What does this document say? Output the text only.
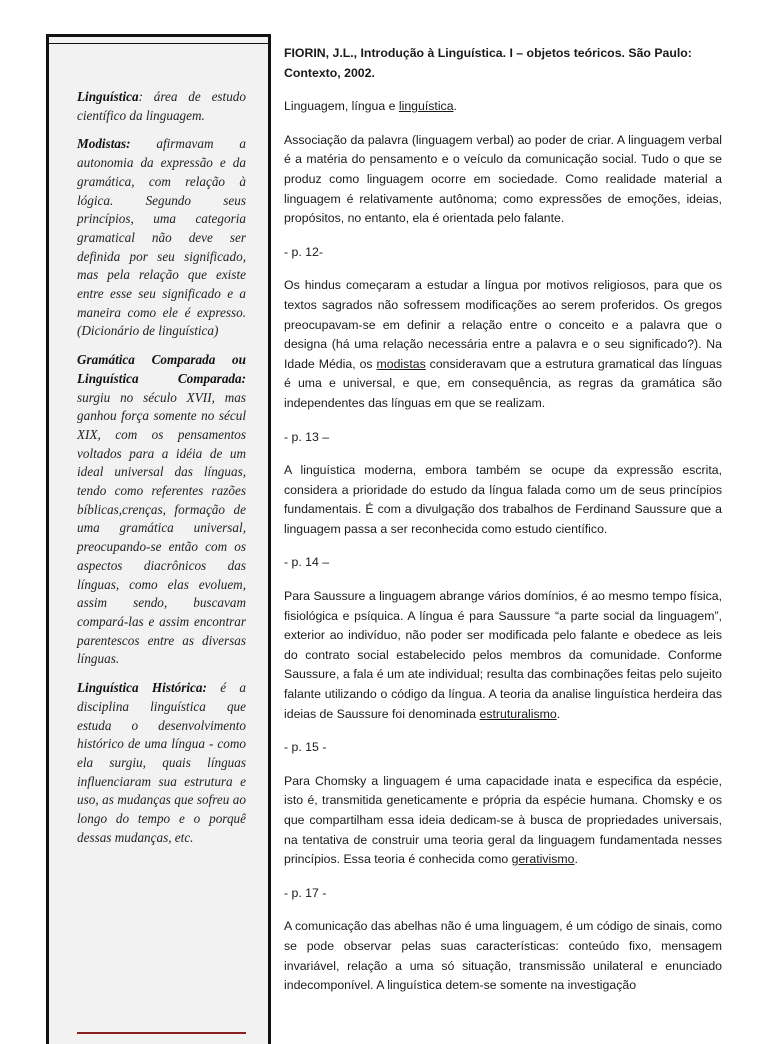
Linguística: área de estudo científico da linguagem.

Modistas: afirmavam a autonomia da expressão e da gramática, com relação à lógica. Segundo seus princípios, uma categoria gramatical não deve ser definida por seu significado, mas pela relação que existe entre esse seu significado e a maneira como ele é expresso. (Dicionário de linguística)

Gramática Comparada ou Linguística Comparada: surgiu no século XVII, mas ganhou força somente no sécul XIX, com os pensamentos voltados para a idéia de um ideal universal das línguas, tendo como referentes razões bíblicas,crenças, formação de uma gramática universal, preocupando-se então com os aspectos diacrônicos das línguas, como elas evoluem, assim sendo, buscavam compará-las e assim encontrar parentescos entre as diversas línguas.

Linguística Histórica: é a disciplina linguística que estuda o desenvolvimento histórico de uma língua - como ela surgiu, quais línguas influenciaram sua estrutura e uso, as mudanças que sofreu ao longo do tempo e o porquê dessas mudanças, etc.

FIORIN, J.L., Introdução à Linguística. I – objetos teóricos. São Paulo: Contexto, 2002.

Linguagem, língua e linguística.

Associação da palavra (linguagem verbal) ao poder de criar. A linguagem verbal é a matéria do pensamento e o veículo da comunicação social. Tudo o que se produz como linguagem ocorre em sociedade. Como realidade material a linguagem é relativamente autônoma; como expressões de emoções, ideias, propósitos, no entanto, ela é orientada pelo falante.

- p. 12-

Os hindus começaram a estudar a língua por motivos religiosos, para que os textos sagrados não sofressem modificações ao serem proferidos. Os gregos preocupavam-se em definir a relação entre o conceito e a palavra que o designa (há uma relação necessária entre a palavra e o seu significado?). Na Idade Média, os modistas consideravam que a estrutura gramatical das línguas é uma e universal, e que, em consequência, as regras da gramática são independentes das línguas em que se realizam.

- p. 13 –

A linguística moderna, embora também se ocupe da expressão escrita, considera a prioridade do estudo da língua falada como um de seus princípios fundamentais. É com a divulgação dos trabalhos de Ferdinand Saussure que a linguagem passa a ser reconhecida como estudo científico.

- p. 14 –

Para Saussure a linguagem abrange vários domínios, é ao mesmo tempo física, fisiológica e psíquica. A língua é para Saussure “a parte social da linguagem”, exterior ao indivíduo, não poder ser modificada pelo falante e obedece as leis do contrato social estabelecido pelos membros da comunidade. Conforme Saussure, a fala é um ate individual; resulta das combinações feitas pelo sujeito falante utilizando o código da língua. A teoria da analise linguística herdeira das ideias de Saussure foi denominada estruturalismo.

- p. 15 -

Para Chomsky a linguagem é uma capacidade inata e especifica da espécie, isto é, transmitida geneticamente e própria da espécie humana. Chomsky e os que compartilham essa ideia dedicam-se à busca de propriedades universais, na tentativa de construir uma teoria geral da linguagem fundamentada nesses princípios. Essa teoria é conhecida como gerativismo.

- p. 17 -

A comunicação das abelhas não é uma linguagem, é um código de sinais, como se pode observar pelas suas características: conteúdo fixo, mensagem invariável, relação a uma só situação, transmissão unilateral e enunciado indecomponível. A linguística detem-se somente na investigação
